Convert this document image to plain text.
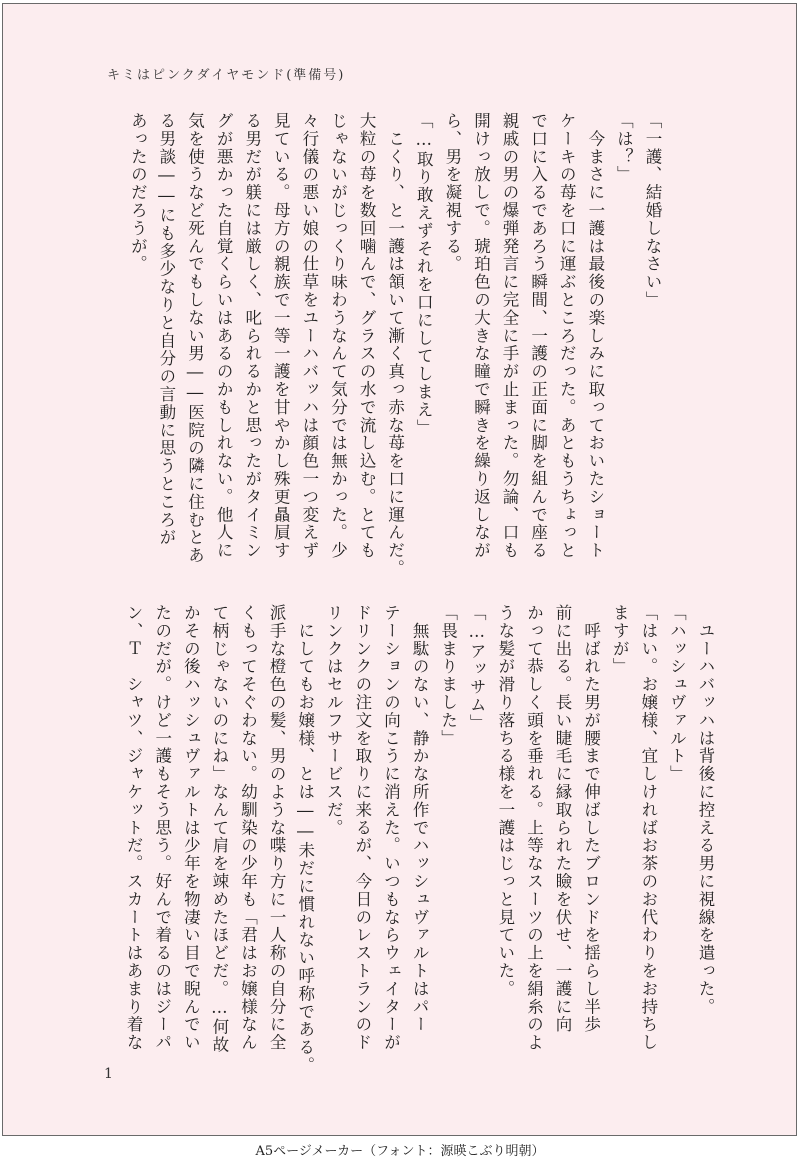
キミはピンクダイヤモンド(準備号)
「一護、結婚しなさい」
「は？」
　今まさに一護は最後の楽しみに取っておいたショート
ケーキの苺を口に運ぶところだった。あともうちょっと
で口に入るであろう瞬間、一護の正面に脚を組んで座る
親戚の男の爆弾発言に完全に手が止まった。勿論、口も
開けっ放しで。琥珀色の大きな瞳で瞬きを繰り返しなが
ら、男を凝視する。
「…取り敢えずそれを口にしてしまえ」
　こくり、と一護は頷いて漸く真っ赤な苺を口に運んだ。
大粒の苺を数回噛んで、グラスの水で流し込む。とても
じゃないがじっくり味わうなんて気分では無かった。少
々行儀の悪い娘の仕草をユーハバッハは顔色一つ変えず
見ている。母方の親族で一等一護を甘やかし殊更贔屓す
る男だが躾には厳しく、叱られるかと思ったがタイミン
グが悪かった自覚くらいはあるのかもしれない。他人に
気を使うなど死んでもしない男――医院の隣に住むとあ
る男談――にも多少なりと自分の言動に思うところが
あったのだろうが。
　ユーハバッハは背後に控える男に視線を遣った。
「ハッシュヴァルト」
「はい。お嬢様、宜しければお茶のお代わりをお持ちし
ますが」
　呼ばれた男が腰まで伸ばしたブロンドを揺らし半歩
前に出る。長い睫毛に縁取られた瞼を伏せ、一護に向
かって恭しく頭を垂れる。上等なスーツの上を絹糸のよ
うな髪が滑り落ちる様を一護はじっと見ていた。
「…アッサム」
「畏まりました」
　無駄のない、静かな所作でハッシュヴァルトはパー
テーションの向こうに消えた。いつもならウェイターが
ドリンクの注文を取りに来るが、今日のレストランのド
リンクはセルフサービスだ。
　にしてもお嬢様、とは――未だに慣れない呼称である。
派手な橙色の髪、男のような喋り方に一人称の自分に全
くもってそぐわない。幼馴染の少年も「君はお嬢様なん
て柄じゃないのにね」なんて肩を竦めたほどだ。…何故
かその後ハッシュヴァルトは少年を物凄い目で睨んでい
たのだが。けど一護もそう思う。好んで着るのはジーパ
ン、Ｔ　シャツ、ジャケットだ。スカートはあまり着な
1
A5ページメーカー（フォント：源暎こぶり明朝）
